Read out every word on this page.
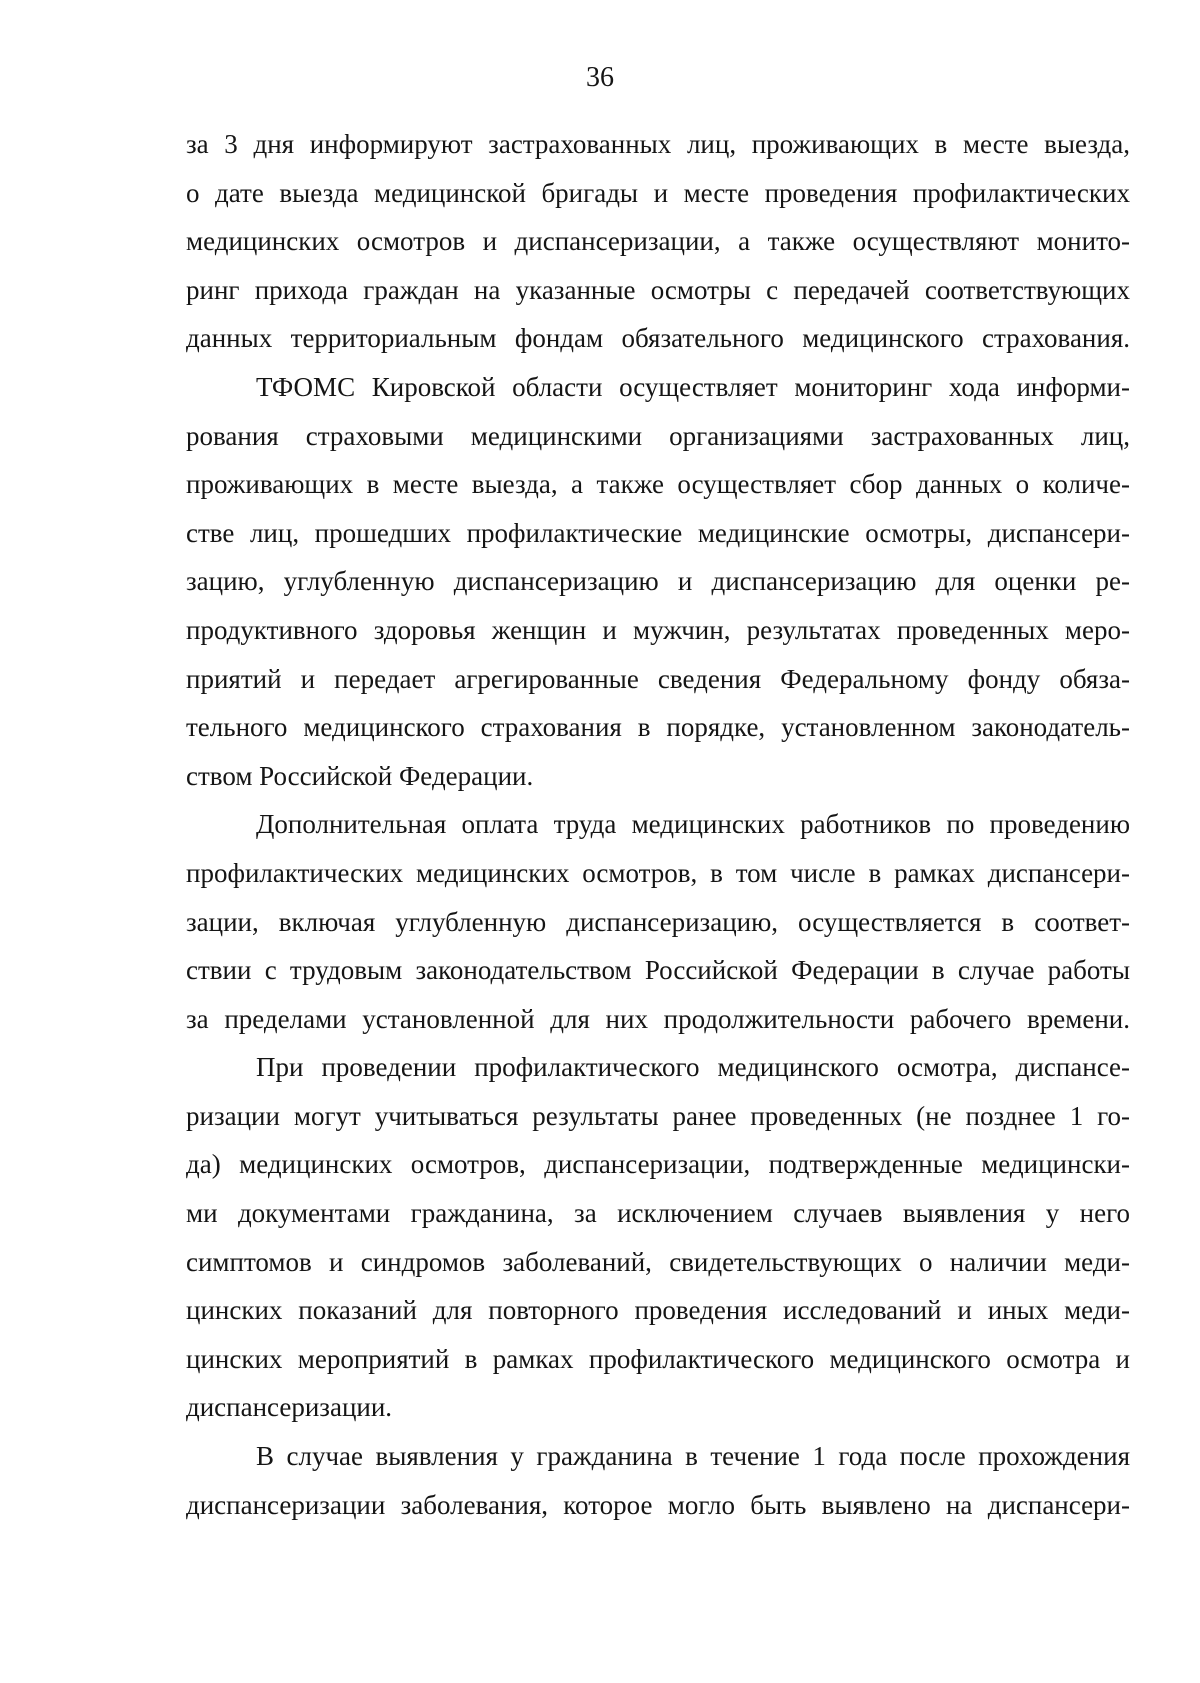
36

за 3 дня информируют застрахованных лиц, проживающих в месте выезда,
о дате выезда медицинской бригады и месте проведения профилактических
медицинских осмотров и диспансеризации, а также осуществляют монито-
ринг прихода граждан на указанные осмотры с передачей соответствующих
данных территориальным фондам обязательного медицинского страхования.

ТФОМС Кировской области осуществляет мониторинг хода информи-
рования страховыми медицинскими организациями застрахованных лиц,
проживающих в месте выезда, а также осуществляет сбор данных о количе-
стве лиц, прошедших профилактические медицинские осмотры, диспансери-
зацию, углубленную диспансеризацию и диспансеризацию для оценки ре-
продуктивного здоровья женщин и мужчин, результатах проведенных меро-
приятий и передает агрегированные сведения Федеральному фонду обяза-
тельного медицинского страхования в порядке, установленном законодатель-
ством Российской Федерации.

Дополнительная оплата труда медицинских работников по проведению
профилактических медицинских осмотров, в том числе в рамках диспансери-
зации, включая углубленную диспансеризацию, осуществляется в соответ-
ствии с трудовым законодательством Российской Федерации в случае работы
за пределами установленной для них продолжительности рабочего времени.

При проведении профилактического медицинского осмотра, диспансе-
ризации могут учитываться результаты ранее проведенных (не позднее 1 го-
да) медицинских осмотров, диспансеризации, подтвержденные медицински-
ми документами гражданина, за исключением случаев выявления у него
симптомов и синдромов заболеваний, свидетельствующих о наличии меди-
цинских показаний для повторного проведения исследований и иных меди-
цинских мероприятий в рамках профилактического медицинского осмотра и
диспансеризации.

В случае выявления у гражданина в течение 1 года после прохождения
диспансеризации заболевания, которое могло быть выявлено на диспансери-
